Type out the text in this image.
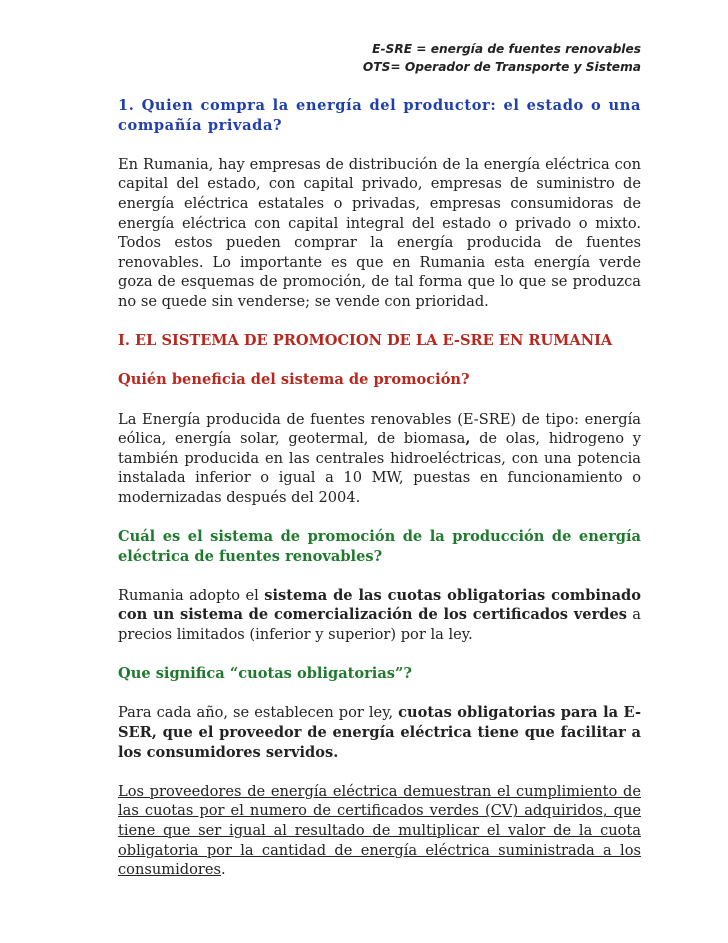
E-SRE = energía de fuentes renovables
OTS= Operador de Transporte y Sistema

1. Quien compra la energía del productor: el estado o una compañía privada?

En Rumania, hay empresas de distribución de la energía eléctrica con capital del estado, con capital privado, empresas de suministro de energía eléctrica estatales o privadas, empresas consumidoras de energía eléctrica con capital integral del estado o privado o mixto. Todos estos pueden comprar la energía producida de fuentes renovables. Lo importante es que en Rumania esta energía verde goza de esquemas de promoción, de tal forma que lo que se produzca no se quede sin venderse; se vende con prioridad.

I. EL SISTEMA DE PROMOCION DE LA E-SRE EN RUMANIA

Quién beneficia del sistema de promoción?

La Energía producida de fuentes renovables (E-SRE) de tipo: energía eólica, energía solar, geotermal, de biomasa, de olas, hidrogeno y también producida en las centrales hidroeléctricas, con una potencia instalada inferior o igual a 10 MW, puestas en funcionamiento o modernizadas después del 2004.

Cuál es el sistema de promoción de la producción de energía eléctrica de fuentes renovables?

Rumania adopto el sistema de las cuotas obligatorias combinado con un sistema de comercialización de los certificados verdes a precios limitados (inferior y superior) por la ley.

Que significa “cuotas obligatorias”?

Para cada año, se establecen por ley, cuotas obligatorias para la E-SER, que el proveedor de energía eléctrica tiene que facilitar a los consumidores servidos.

Los proveedores de energía eléctrica demuestran el cumplimiento de las cuotas por el numero de certificados verdes (CV) adquiridos, que tiene que ser igual al resultado de multiplicar el valor de la cuota obligatoria por la cantidad de energía eléctrica suministrada a los consumidores.
